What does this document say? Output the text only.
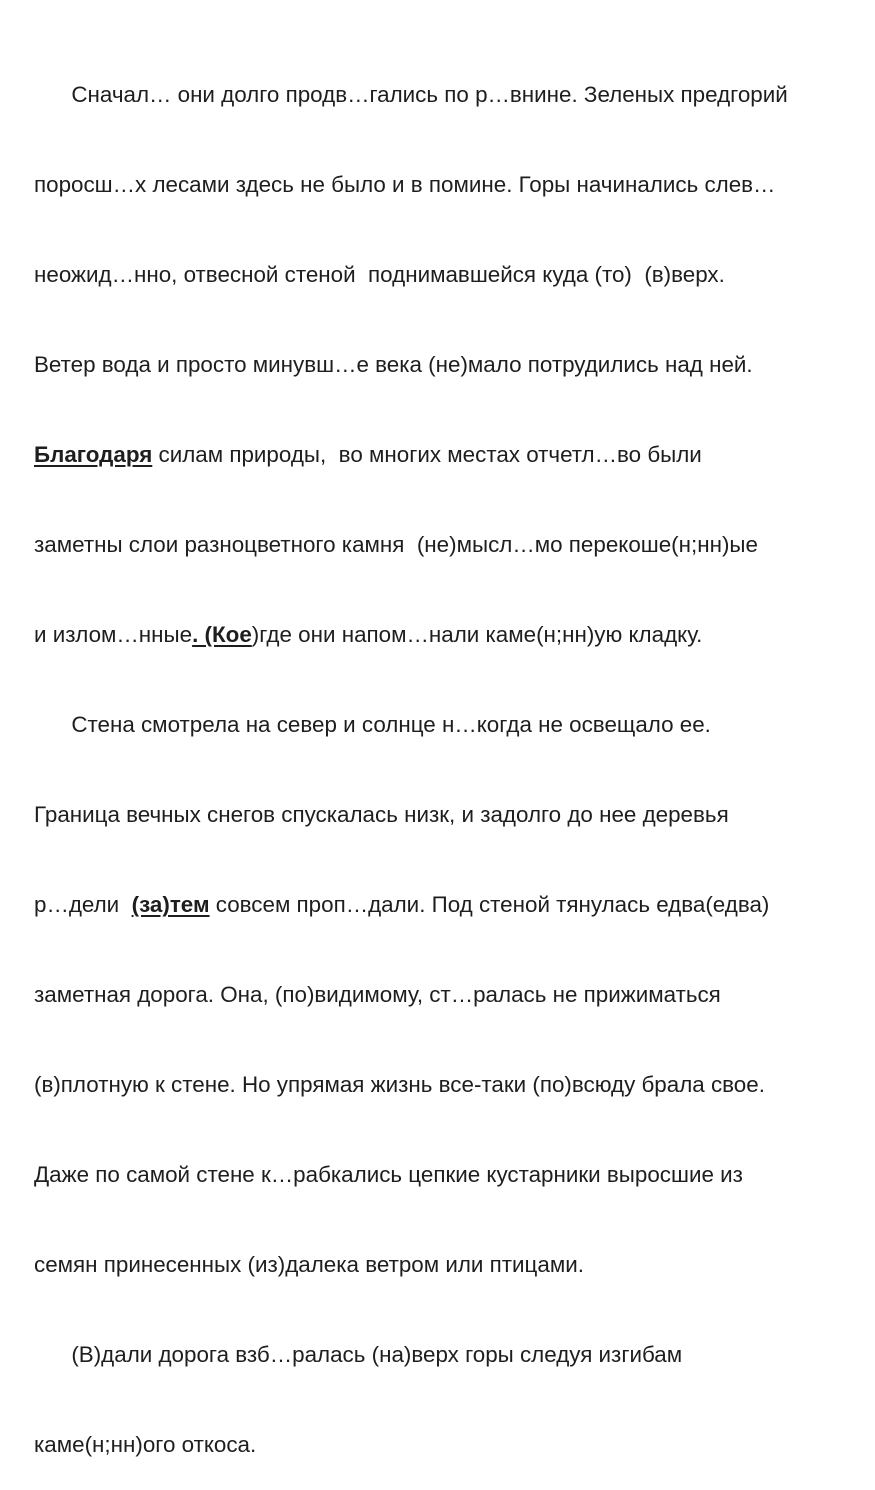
Сначал… они долго продв…гались по р…внине. Зеленых предгорий

поросш…х лесами здесь не было и в помине. Горы начинались слев…

неожид…нно, отвесной стеной  поднимавшейся куда (то)  (в)верх.

Ветер вода и просто минувш…е века (не)мало потрудились над ней.

Благодаря силам природы,  во многих местах отчетл…во были

заметны слои разноцветного камня  (не)мысл…мо перекоше(н;нн)ые

и излом…нные. (Кое)где они напом…нали каме(н;нн)ую кладку.

Стена смотрела на север и солнце н…когда не освещало ее.

Граница вечных снегов спускалась низк, и задолго до нее деревья

р…дели  (за)тем совсем проп…дали. Под стеной тянулась едва(едва)

заметная дорога. Она, (по)видимому, ст…ралась не прижиматься

(в)плотную к стене. Но упрямая жизнь все-таки (по)всюду брала свое.

Даже по самой стене к…рабкались цепкие кустарники выросшие из

семян принесенных (из)далека ветром или птицами.

(В)дали дорога взб…ралась (на)верх горы следуя изгибам

каме(н;нн)ого откоса.
